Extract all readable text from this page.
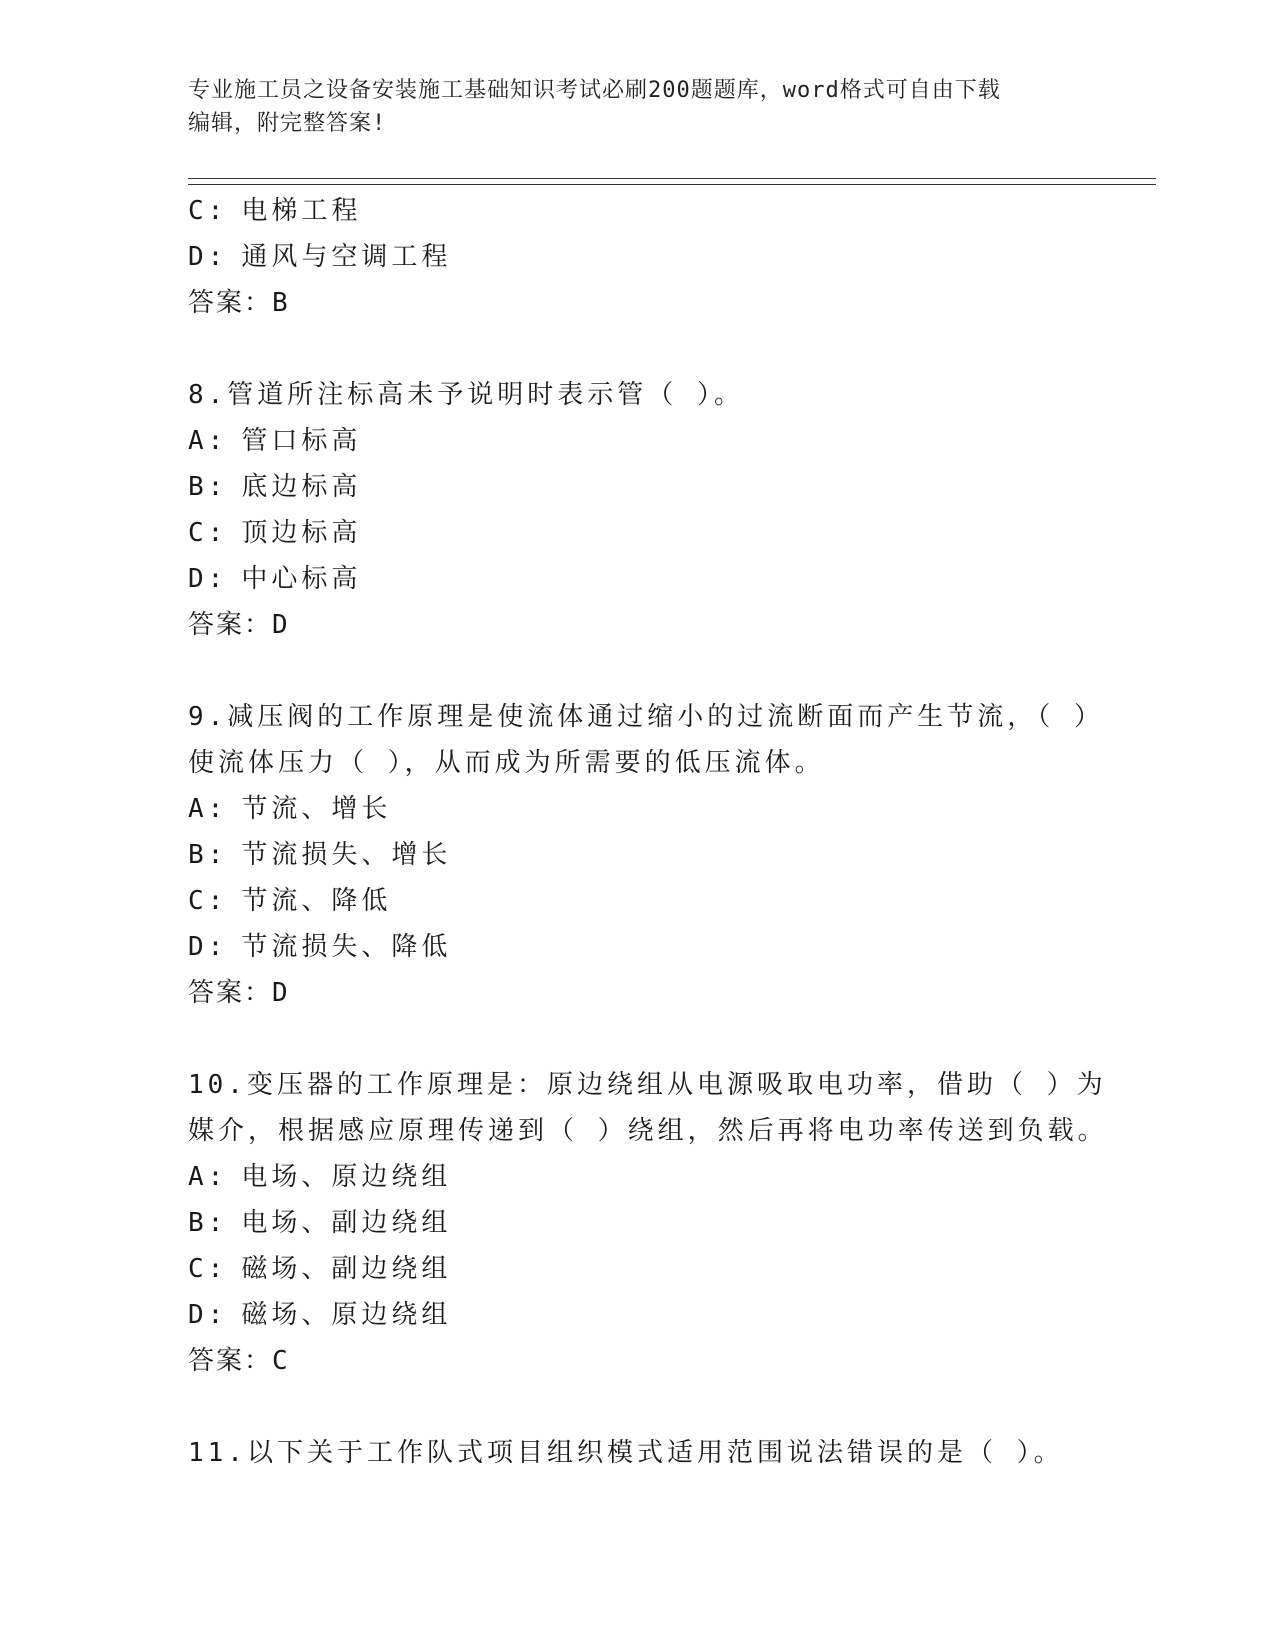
专业施工员之设备安装施工基础知识考试必刷200题题库，word格式可自由下载
编辑，附完整答案!
C: 电梯工程
D: 通风与空调工程
答案：B
8.管道所注标高未予说明时表示管（ ）。
A: 管口标高
B: 底边标高
C: 顶边标高
D: 中心标高
答案：D
9.减压阀的工作原理是使流体通过缩小的过流断面而产生节流，（ ）
使流体压力（ ），从而成为所需要的低压流体。
A: 节流、增长
B: 节流损失、增长
C: 节流、降低
D: 节流损失、降低
答案：D
10.变压器的工作原理是：原边绕组从电源吸取电功率，借助（ ）为
媒介，根据感应原理传递到（ ）绕组，然后再将电功率传送到负载。
A: 电场、原边绕组
B: 电场、副边绕组
C: 磁场、副边绕组
D: 磁场、原边绕组
答案：C
11.以下关于工作队式项目组织模式适用范围说法错误的是（ ）。
